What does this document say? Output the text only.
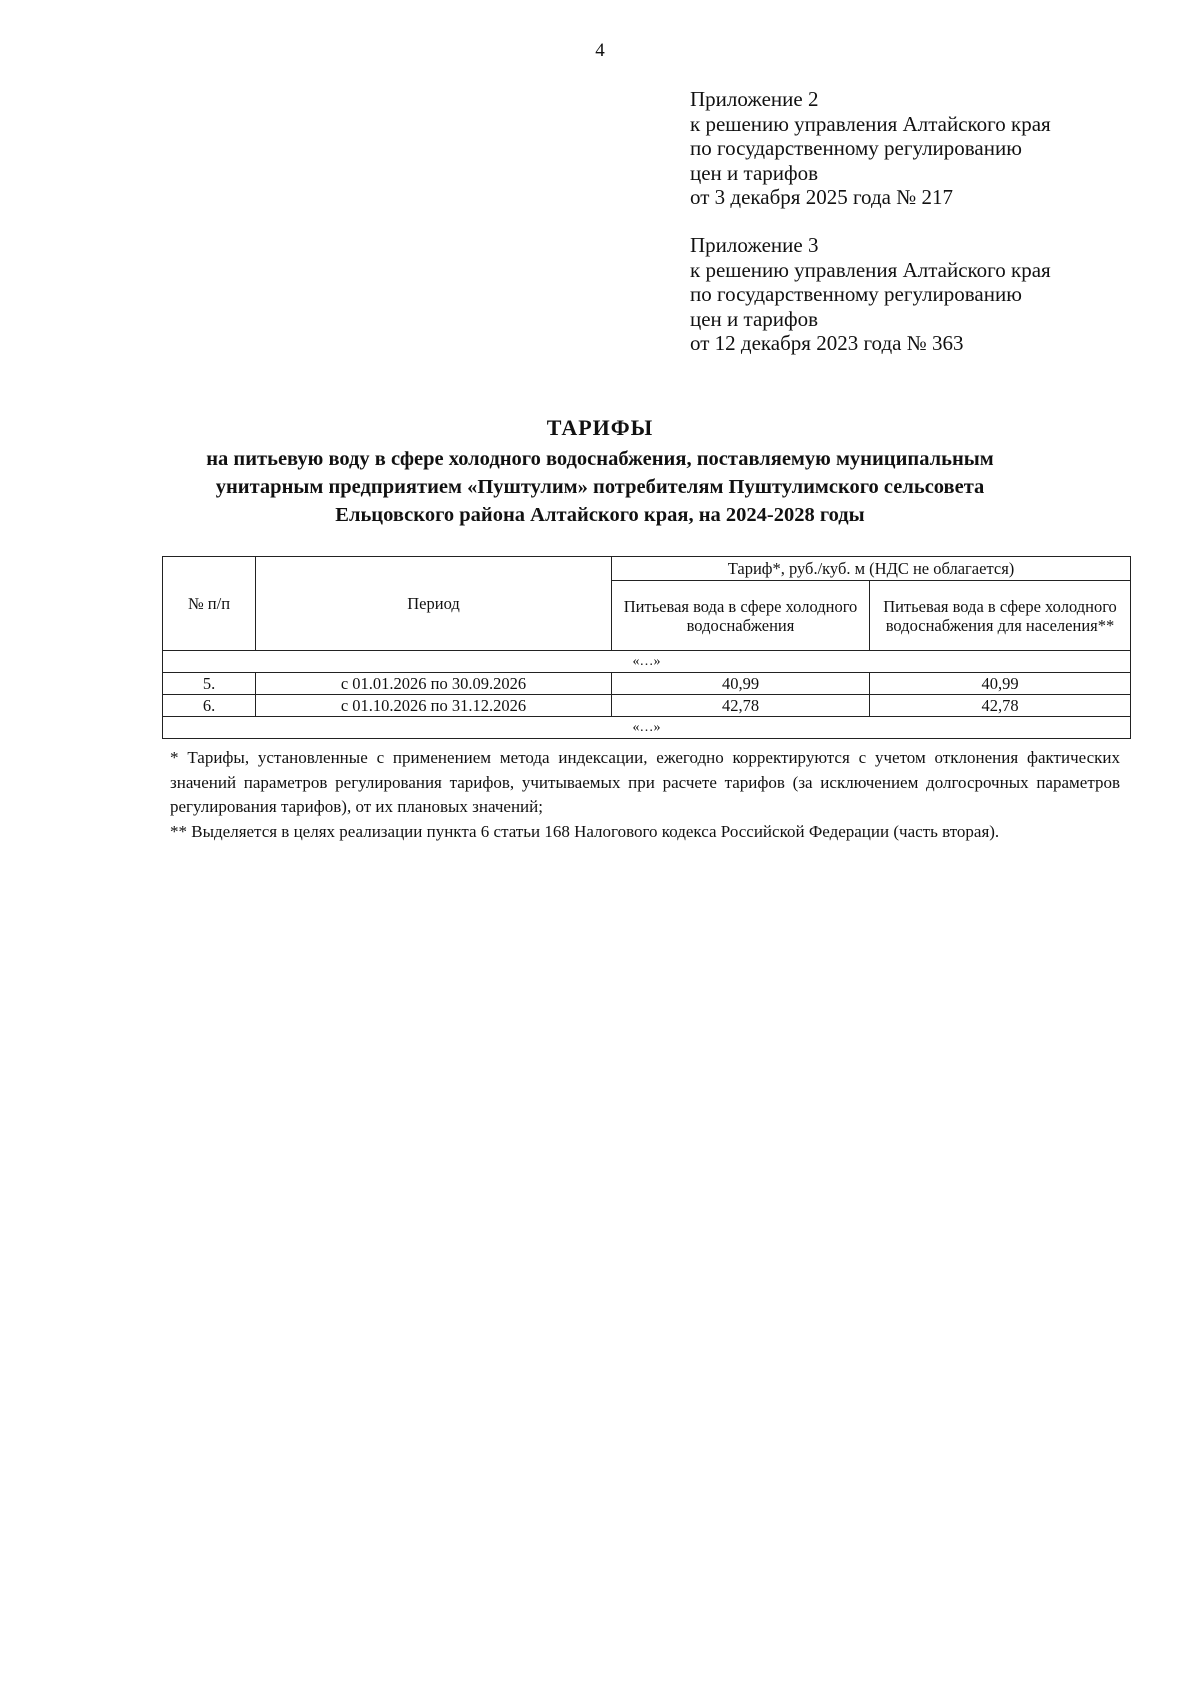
4
Приложение 2
к решению управления Алтайского края
по государственному регулированию
цен и тарифов
от 3 декабря 2025 года № 217
Приложение 3
к решению управления Алтайского края
по государственному регулированию
цен и тарифов
от 12 декабря 2023 года № 363
ТАРИФЫ
на питьевую воду в сфере холодного водоснабжения, поставляемую муниципальным
унитарным предприятием «Пуштулим» потребителям Пуштулимского сельсовета
Ельцовского района Алтайского края, на 2024-2028 годы
№ п/п	Период	Тариф*, руб./куб. м (НДС не облагается)	
		Питьевая вода в сфере холодного водоснабжения	Питьевая вода в сфере холодного водоснабжения для населения**
«…»			
5.	с 01.01.2026 по 30.09.2026	40,99	40,99
6.	с 01.10.2026 по 31.12.2026	42,78	42,78
«…»			

* Тарифы, установленные с применением метода индексации, ежегодно корректируются с учетом отклонения фактических значений параметров регулирования тарифов, учитываемых при расчете тарифов (за исключением долгосрочных параметров регулирования тарифов), от их плановых значений;

** Выделяется в целях реализации пункта 6 статьи 168 Налогового кодекса Российской Федерации (часть вторая).
